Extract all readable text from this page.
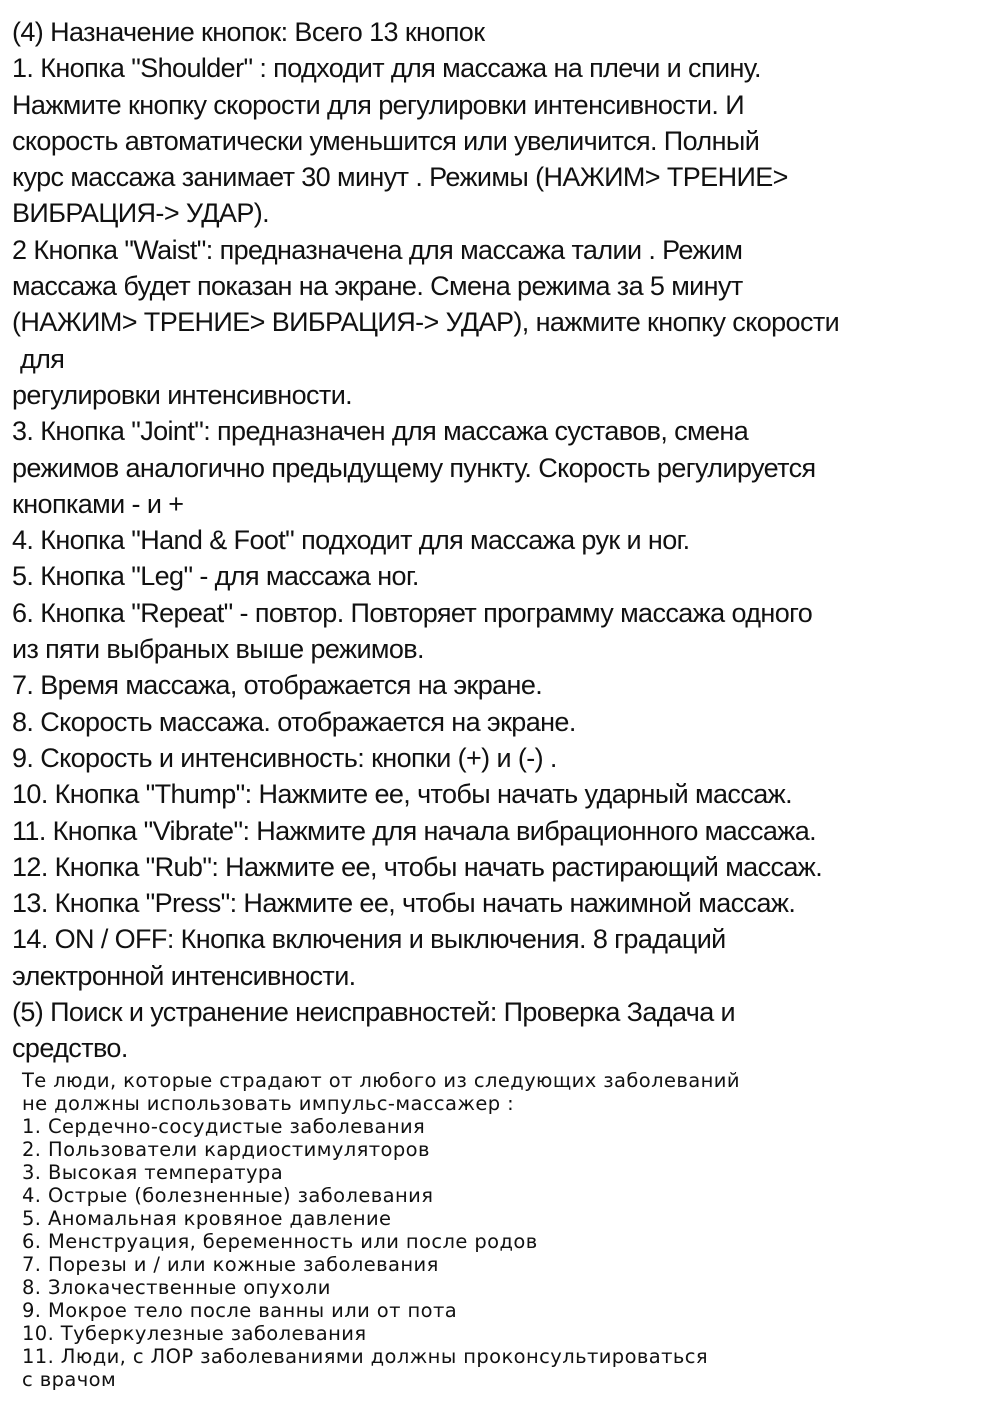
(4) Назначение кнопок: Всего 13 кнопок
1. Кнопка "Shoulder" : подходит для массажа на плечи и спину.
Нажмите кнопку скорости для регулировки интенсивности. И
скорость автоматически уменьшится или увеличится. Полный
курс массажа занимает 30 минут . Режимы (НАЖИМ> ТРЕНИЕ>
ВИБРАЦИЯ-> УДАР).
2 Кнопка "Waist": предназначена для массажа талии . Режим
массажа будет показан на экране. Смена режима за 5 минут
(НАЖИМ> ТРЕНИЕ> ВИБРАЦИЯ-> УДАР), нажмите кнопку скорости
для
регулировки интенсивности.
3. Кнопка "Joint": предназначен для массажа суставов, смена
режимов аналогично предыдущему пункту. Скорость регулируется
кнопками - и +
4. Кнопка "Hand & Foot" подходит для массажа рук и ног.
5. Кнопка "Leg" - для массажа ног.
6. Кнопка "Repeat" - повтор. Повторяет программу массажа одного
из пяти выбраных выше режимов.
7. Время массажа, отображается на экране.
8. Скорость массажа. отображается на экране.
9. Скорость и интенсивность: кнопки (+) и (-) .
10. Кнопка "Thump": Нажмите ее, чтобы начать ударный массаж.
11. Кнопка "Vibrate": Нажмите для начала вибрационного массажа.
12. Кнопка "Rub": Нажмите ее, чтобы начать растирающий массаж.
13. Кнопка "Press": Нажмите ее, чтобы начать нажимной массаж.
14. ON / OFF: Кнопка включения и выключения. 8 градаций
электронной интенсивности.
(5) Поиск и устранение неисправностей: Проверка Задача и
средство.
Те люди, которые страдают от любого из следующих заболеваний
не должны использовать импульс-массажер :
1. Сердечно-сосудистые заболевания
2. Пользователи кардиостимуляторов
3. Высокая температура
4. Острые (болезненные) заболевания
5. Аномальная кровяное давление
6. Менструация, беременность или после родов
7. Порезы и / или кожные заболевания
8. Злокачественные опухоли
9. Мокрое тело после ванны или от пота
10. Туберкулезные заболевания
11. Люди, с ЛОР заболеваниями должны проконсультироваться
с врачом
